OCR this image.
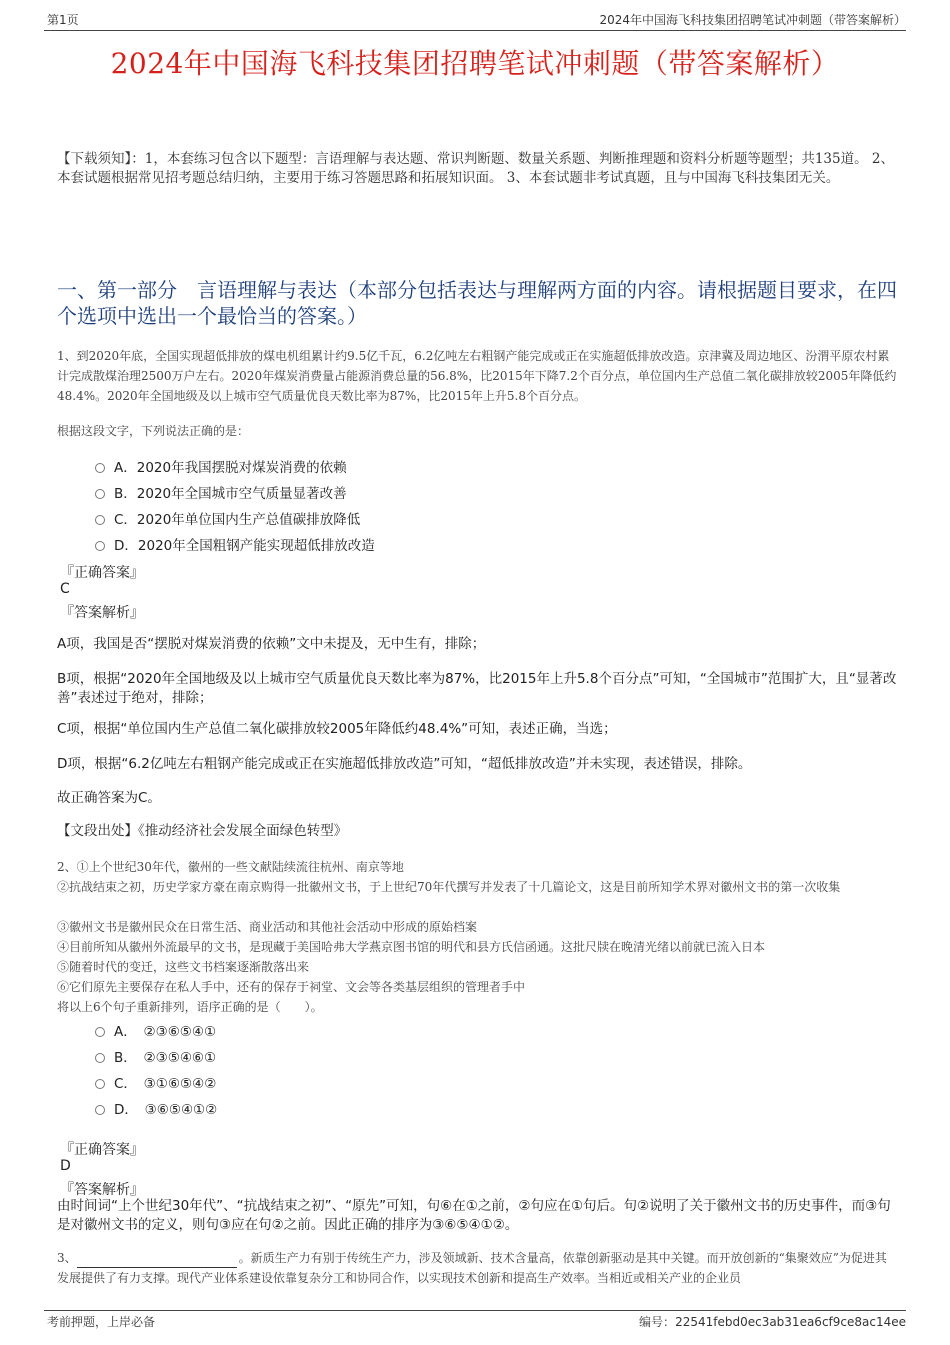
第1页	2024年中国海飞科技集团招聘笔试冲刺题（带答案解析）
2024年中国海飞科技集团招聘笔试冲刺题（带答案解析）
【下载须知】：1，本套练习包含以下题型：言语理解与表达题、常识判断题、数量关系题、判断推理题和资料分析题等题型；共135道。 2、本套试题根据常见招考题总结归纳，主要用于练习答题思路和拓展知识面。 3、本套试题非考试真题，且与中国海飞科技集团无关。
一、第一部分　言语理解与表达（本部分包括表达与理解两方面的内容。请根据题目要求，在四个选项中选出一个最恰当的答案。）
1、到2020年底，全国实现超低排放的煤电机组累计约9.5亿千瓦，6.2亿吨左右粗钢产能完成或正在实施超低排放改造。京津冀及周边地区、汾渭平原农村累计完成散煤治理2500万户左右。2020年煤炭消费量占能源消费总量的56.8%，比2015年下降7.2个百分点，单位国内生产总值二氧化碳排放较2005年降低约48.4%。2020年全国地级及以上城市空气质量优良天数比率为87%，比2015年上升5.8个百分点。
根据这段文字，下列说法正确的是：
A．2020年我国摆脱对煤炭消费的依赖
B．2020年全国城市空气质量显著改善
C．2020年单位国内生产总值碳排放降低
D．2020年全国粗钢产能实现超低排放改造
『正确答案』
C
『答案解析』
A项，我国是否“摆脱对煤炭消费的依赖”文中未提及，无中生有，排除；
B项，根据“2020年全国地级及以上城市空气质量优良天数比率为87%，比2015年上升5.8个百分点”可知，“全国城市”范围扩大，且“显著改善”表述过于绝对，排除；
C项，根据“单位国内生产总值二氧化碳排放较2005年降低约48.4%”可知，表述正确，当选；
D项，根据“6.2亿吨左右粗钢产能完成或正在实施超低排放改造”可知，“超低排放改造”并未实现，表述错误，排除。
故正确答案为C。
【文段出处】《推动经济社会发展全面绿色转型》
2、①上个世纪30年代，徽州的一些文献陆续流往杭州、南京等地
②抗战结束之初，历史学家方豪在南京购得一批徽州文书，于上世纪70年代撰写并发表了十几篇论文，这是目前所知学术界对徽州文书的第一次收集
③徽州文书是徽州民众在日常生活、商业活动和其他社会活动中形成的原始档案
④目前所知从徽州外流最早的文书，是现藏于美国哈弗大学燕京图书馆的明代和县方氏信函通。这批尺牍在晚清光绪以前就已流入日本
⑤随着时代的变迁，这些文书档案逐渐散落出来
⑥它们原先主要保存在私人手中，还有的保存于祠堂、文会等各类基层组织的管理者手中
将以上6个句子重新排列，语序正确的是（　　）。
A．　②③⑥⑤④①
B．　②③⑤④⑥①
C．　③①⑥⑤④②
D．　③⑥⑤④①②
『正确答案』
D
『答案解析』
由时间词“上个世纪30年代”、“抗战结束之初”、“原先”可知，句⑥在①之前，②句应在①句后。句②说明了关于徽州文书的历史事件，而③句是对徽州文书的定义，则句③应在句②之前。因此正确的排序为③⑥⑤④①②。
3、	。新质生产力有别于传统生产力，涉及领域新、技术含量高，依靠创新驱动是其中关键。而开放创新的“集聚效应”为促进其发展提供了有力支撑。现代产业体系建设依靠复杂分工和协同合作，以实现技术创新和提高生产效率。当相近或相关产业的企业员
考前押题，上岸必备	编号：22541febd0ec3ab31ea6cf9ce8ac14ee
